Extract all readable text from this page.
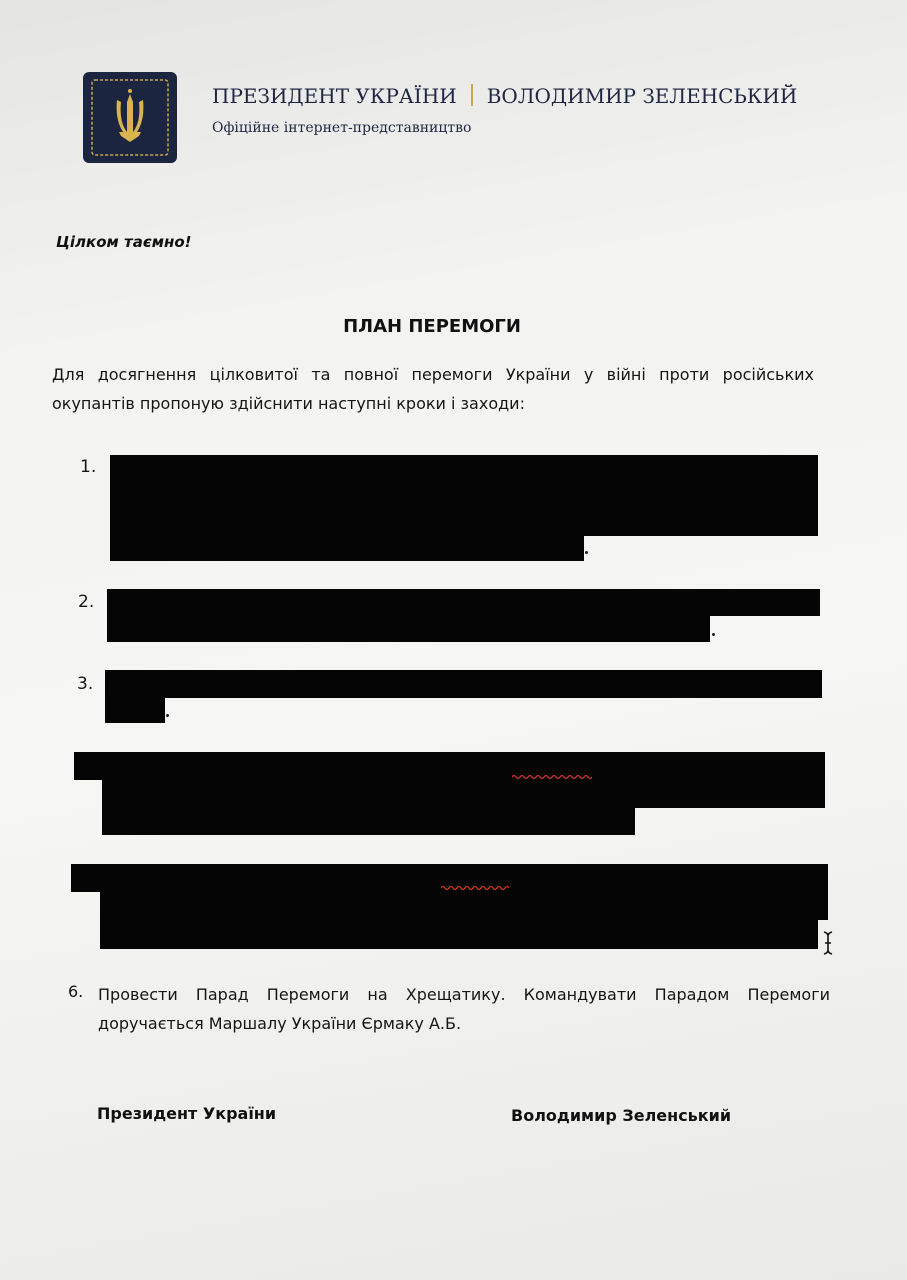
ПРЕЗИДЕНТ УКРАЇНИ ВОЛОДИМИР ЗЕЛЕНСЬКИЙ
Офіційне інтернет-представництво
Цілком таємно!
ПЛАН ПЕРЕМОГИ
Для досягнення цілковитої та повної перемоги України у війні проти російських окупантів пропоную здійснити наступні кроки і заходи:
1.
2.
3.
6. Провести Парад Перемоги на Хрещатику. Командувати Парадом Перемоги доручається Маршалу України Єрмаку А.Б.
Президент України	Володимир Зеленський
